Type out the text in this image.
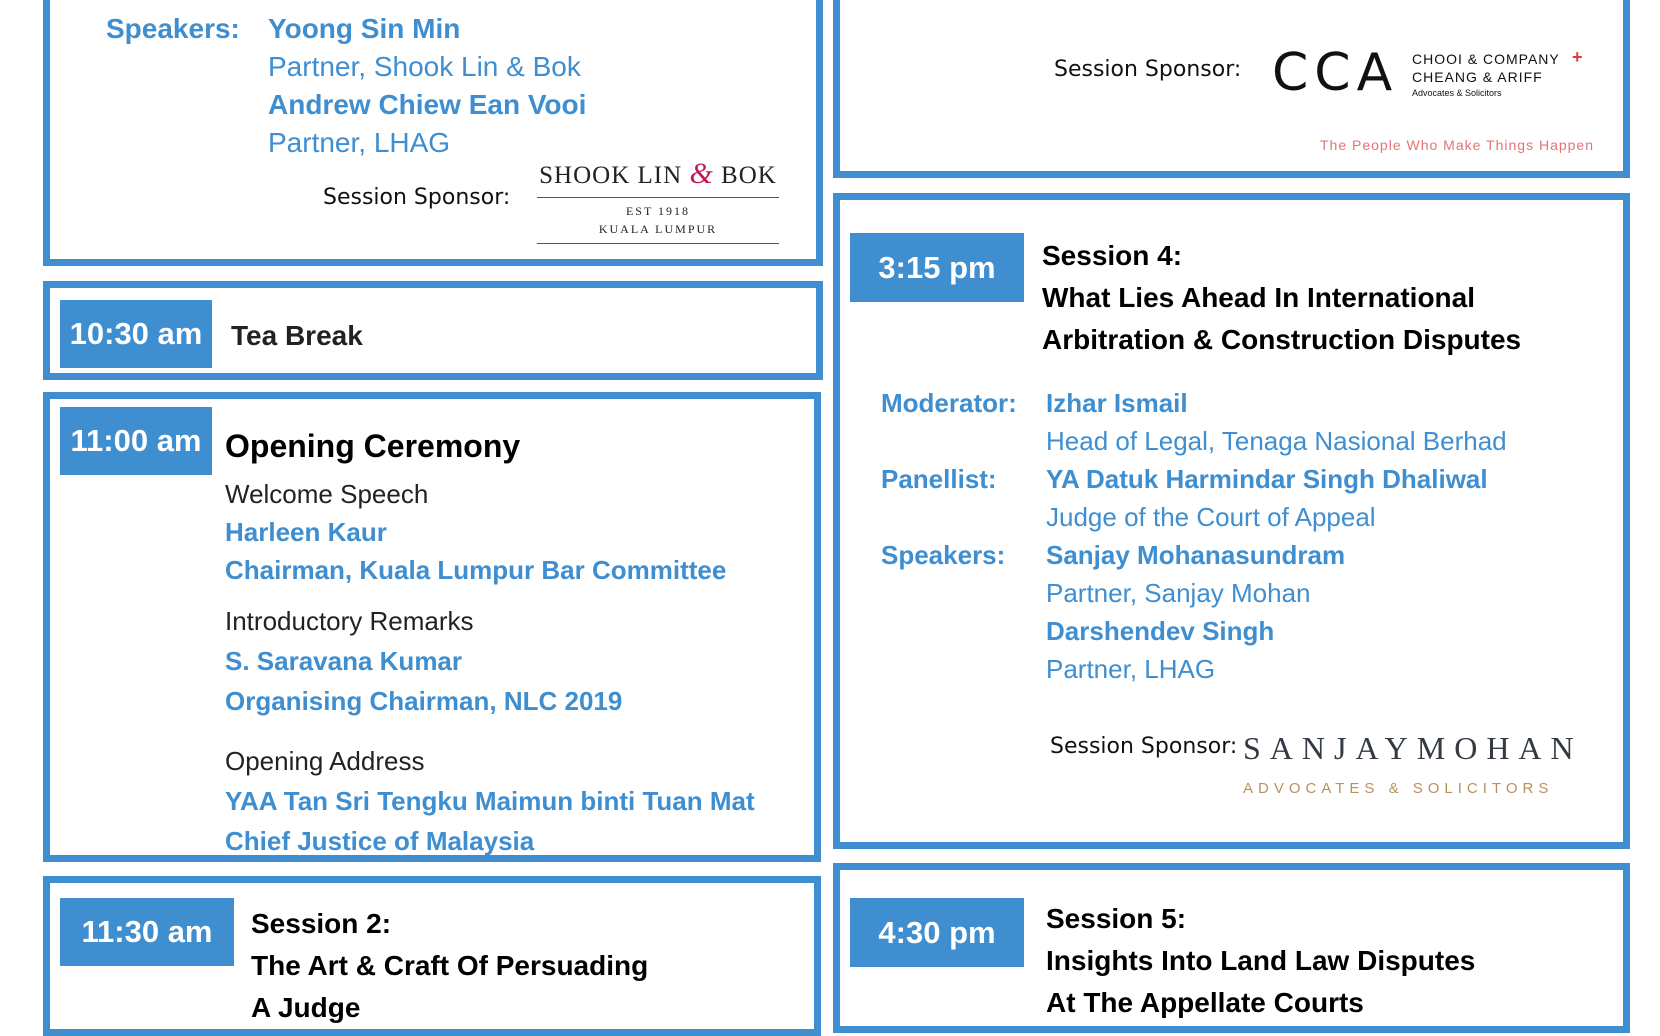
Speakers: Yoong Sin Min
Partner, Shook Lin & Bok
Andrew Chiew Ean Vooi
Partner, LHAG
Session Sponsor:
SHOOK LIN & BOK
EST 1918
KUALA LUMPUR
10:30 am	Tea Break
11:00 am Opening Ceremony
Welcome Speech
Harleen Kaur
Chairman, Kuala Lumpur Bar Committee
Introductory Remarks
S. Saravana Kumar
Organising Chairman, NLC 2019
Opening Address
YAA Tan Sri Tengku Maimun binti Tuan Mat
Chief Justice of Malaysia
11:30 am	Session 2:
The Art & Craft Of Persuading
A Judge
Session Sponsor: CCA CHOOI & COMPANY +
CHEANG & ARIFF
Advocates & Solicitors
The People Who Make Things Happen
3:15 pm	Session 4:
What Lies Ahead In International
Arbitration & Construction Disputes
Moderator: Izhar Ismail
Head of Legal, Tenaga Nasional Berhad
Panellist: YA Datuk Harmindar Singh Dhaliwal
Judge of the Court of Appeal
Speakers: Sanjay Mohanasundram
Partner, Sanjay Mohan
Darshendev Singh
Partner, LHAG
Session Sponsor: SANJAYMOHAN
ADVOCATES & SOLICITORS
4:30 pm	Session 5:
Insights Into Land Law Disputes
At The Appellate Courts
